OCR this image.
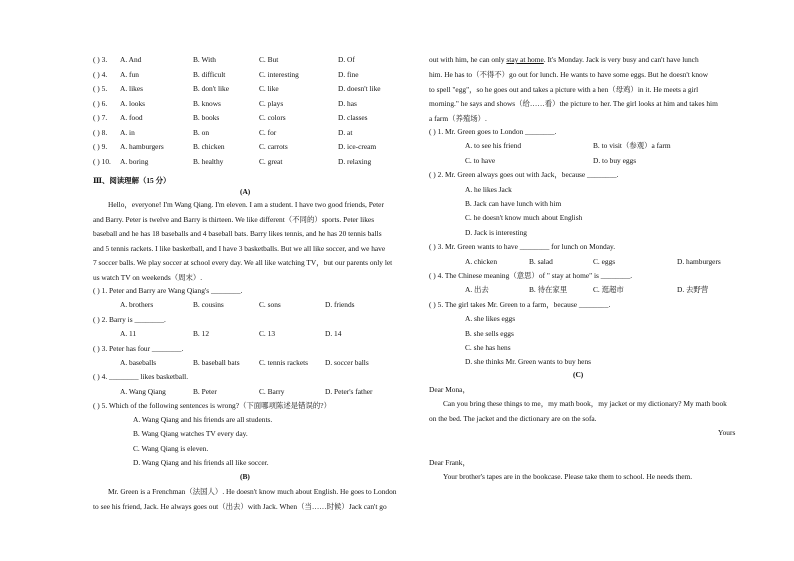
( ) 3. A. And	B. With	C. But	D. Of
( ) 4. A. fun	B. difficult	C. interesting	D. fine
( ) 5. A. likes	B. don't like	C. like	D. doesn't like
( ) 6. A. looks	B. knows	C. plays	D. has
( ) 7. A. food	B. books	C. colors	D. classes
( ) 8. A. in	B. on	C. for	D. at
( ) 9. A. hamburgers	B. chicken	C. carrots	D. ice-cream
( ) 10. A. boring	B. healthy	C. great	D. relaxing
Ⅲ、阅读理解（15 分）
(A)
Hello，everyone! I'm Wang Qiang. I'm eleven. I am a student. I have two good friends, Peter
and Barry. Peter is twelve and Barry is thirteen. We like different（不同的）sports. Peter likes
baseball and he has 18 baseballs and 4 baseball bats. Barry likes tennis, and he has 20 tennis balls
and 5 tennis rackets. I like basketball, and I have 3 basketballs. But we all like soccer, and we have
7 soccer balls. We play soccer at school every day. We all like watching TV，but our parents only let
us watch TV on weekends（周末）.
( ) 1. Peter and Barry are Wang Qiang's ________.
A. brothers	B. cousins	C. sons	D. friends
( ) 2. Barry is ________.
A. 11	B. 12	C. 13	D. 14
( ) 3. Peter has four ________.
A. baseballs	B. baseball bats	C. tennis rackets D. soccer balls
( ) 4. ________ likes basketball.
A. Wang Qiang	B. Peter	C. Barry	D. Peter's father
( ) 5. Which of the following sentences is wrong?（下面哪项陈述是错误的?）
A. Wang Qiang and his friends are all students.
B. Wang Qiang watches TV every day.
C. Wang Qiang is eleven.
D. Wang Qiang and his friends all like soccer.
(B)
Mr. Green is a Frenchman（法国人）. He doesn't know much about English. He goes to London
to see his friend, Jack. He always goes out（出去）with Jack. When（当……时候）Jack can't go
out with him, he can only stay at home. It's Monday. Jack is very busy and can't have lunch
him. He has to（不得不）go out for lunch. He wants to have some eggs. But he doesn't know
to spell "egg"，so he goes out and takes a picture with a hen（母鸡）in it. He meets a girl
morning." he says and shows（给……看）the picture to her. The girl looks at him and takes him
a farm（养殖场）.
( ) 1. Mr. Green goes to London ________.
A. to see his friend	B. to visit（参观）a farm
C. to have	D. to buy eggs
( ) 2. Mr. Green always goes out with Jack，because ________.
A. he likes Jack
B. Jack can have lunch with him
C. he doesn't know much about English
D. Jack is interesting
( ) 3. Mr. Green wants to have ________ for lunch on Monday.
A. chicken	B. salad	C. eggs	D. hamburgers
( ) 4. The Chinese meaning（意思）of " stay at home" is ________.
A. 出去	B. 待在家里	C. 逛超市	D. 去野营
( ) 5. The girl takes Mr. Green to a farm，because ________.
A. she likes eggs
B. she sells eggs
C. she has hens
D. she thinks Mr. Green wants to buy hens
(C)
Dear Mona，
Can you bring these things to me，my math book，my jacket or my dictionary? My math book
on the bed. The jacket and the dictionary are on the sofa.
Yours
Dear Frank，
Your brother's tapes are in the bookcase. Please take them to school. He needs them.
